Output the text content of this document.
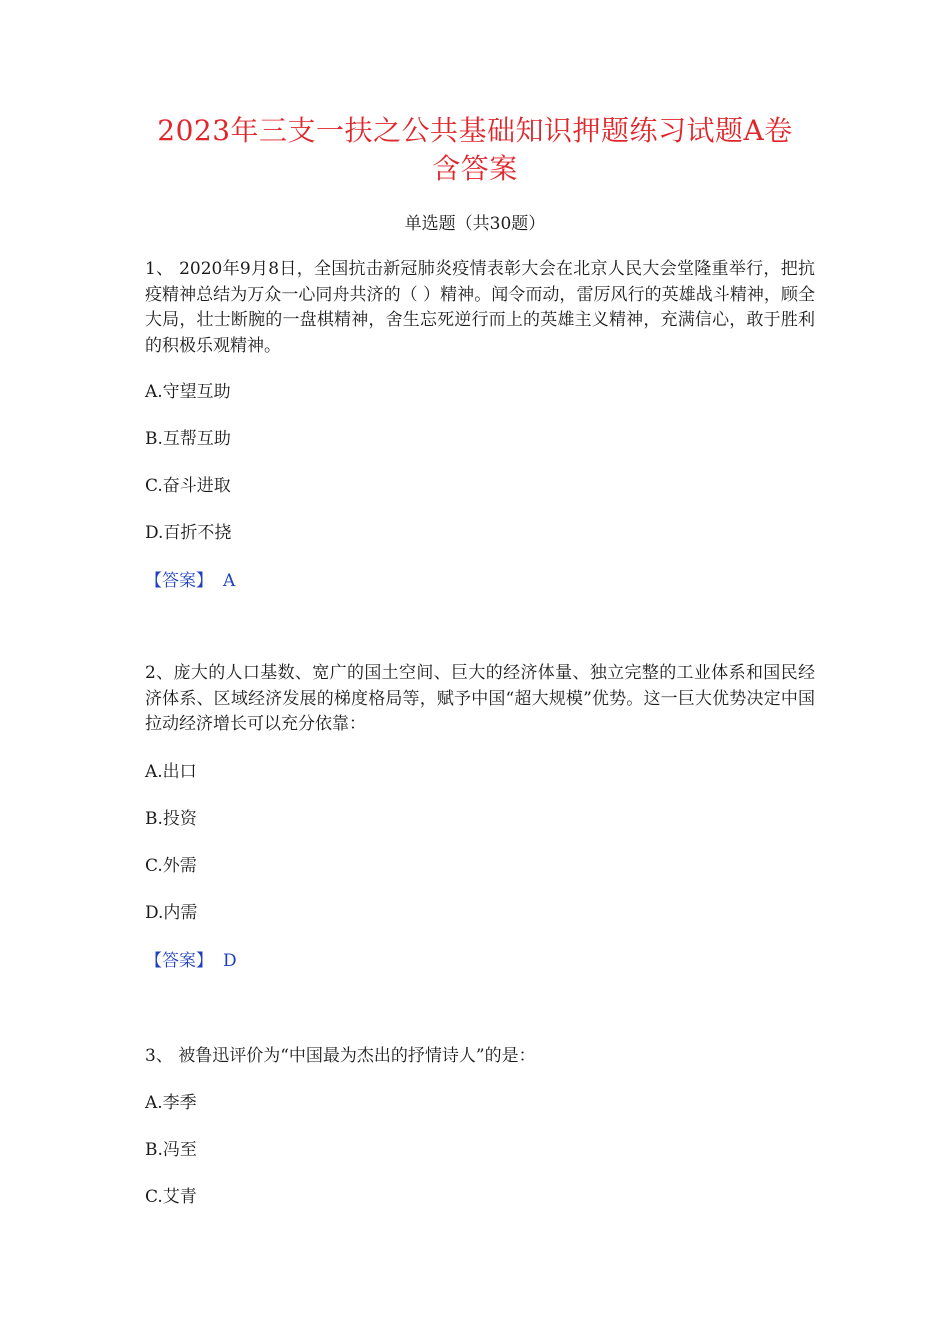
2023年三支一扶之公共基础知识押题练习试题A卷
含答案
单选题（共30题）

1、 2020年9月8日，全国抗击新冠肺炎疫情表彰大会在北京人民大会堂隆重举行，把抗疫精神总结为万众一心同舟共济的（ ）精神。闻令而动，雷厉风行的英雄战斗精神，顾全大局，壮士断腕的一盘棋精神，舍生忘死逆行而上的英雄主义精神，充满信心，敢于胜利的积极乐观精神。

A.守望互助
B.互帮互助
C.奋斗进取
D.百折不挠
【答案】 A

2、庞大的人口基数、宽广的国土空间、巨大的经济体量、独立完整的工业体系和国民经济体系、区域经济发展的梯度格局等，赋予中国“超大规模”优势。这一巨大优势决定中国拉动经济增长可以充分依靠：

A.出口
B.投资
C.外需
D.内需
【答案】 D

3、 被鲁迅评价为“中国最为杰出的抒情诗人”的是：

A.李季
B.冯至
C.艾青
